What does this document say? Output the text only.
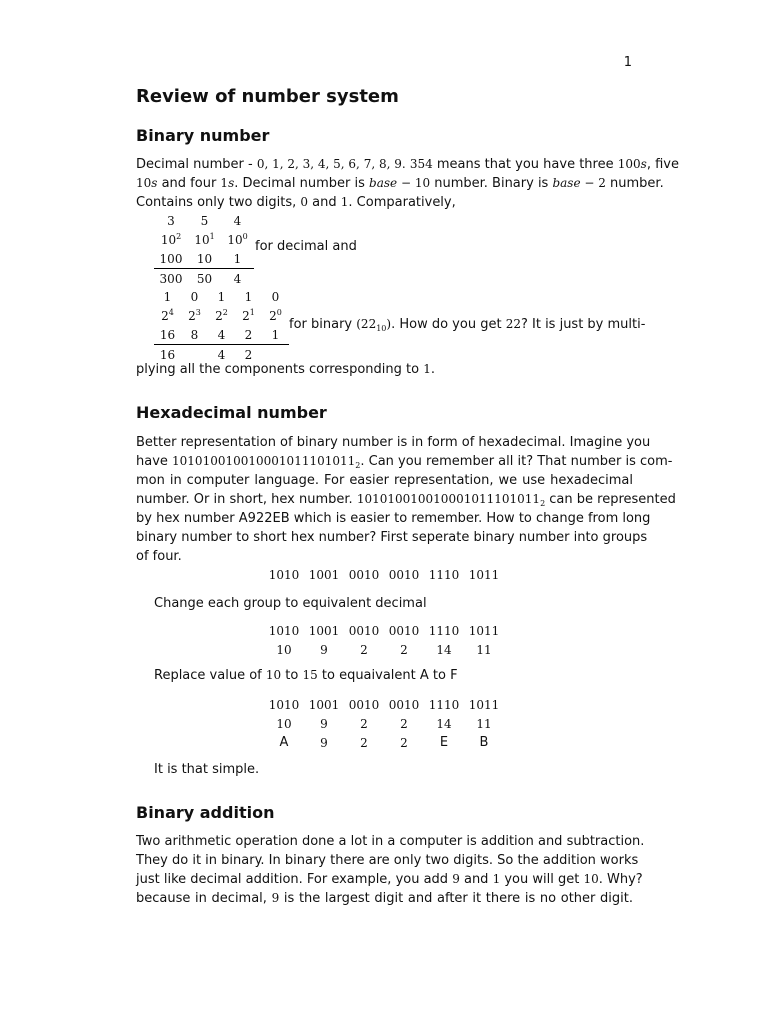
1
Review of number system
Binary number
Decimal number - 0, 1, 2, 3, 4, 5, 6, 7, 8, 9. 354 means that you have three 100s, five
10s and four 1s. Decimal number is base − 10 number. Binary is base − 2 number.
Contains only two digits, 0 and 1. Comparatively,
3	5	4
$10^2$	$10^1$	$10^0$
100	10	1
300	50	4
for decimal and
1	0	1	1	0
$2^4$	$2^3$	$2^2$	$2^1$	$2^0$
16	8	4	2	1
16		4	2	
for binary $(22_{10})$. How do you get 22? It is just by multi-
plying all the components corresponding to 1.
Hexadecimal number
Better representation of binary number is in form of hexadecimal. Imagine you
have $101010010010001011101011_2$. Can you remember all it? That number is com-
mon in computer language. For easier representation, we use hexadecimal
number. Or in short, hex number. $101010010010001011101011_2$ can be represented
by hex number A922EB which is easier to remember. How to change from long
binary number to short hex number? First seperate binary number into groups
of four.
1010	1001	0010	0010	1110	1011
Change each group to equivalent decimal
1010	1001	0010	0010	1110	1011
10	9	2	2	14	11
Replace value of 10 to 15 to equaivalent A to F
1010	1001	0010	0010	1110	1011
10	9	2	2	14	11
A	9	2	2	E	B
It is that simple.
Binary addition
Two arithmetic operation done a lot in a computer is addition and subtraction.
They do it in binary. In binary there are only two digits. So the addition works
just like decimal addition. For example, you add 9 and 1 you will get 10. Why?
because in decimal, 9 is the largest digit and after it there is no other digit.
